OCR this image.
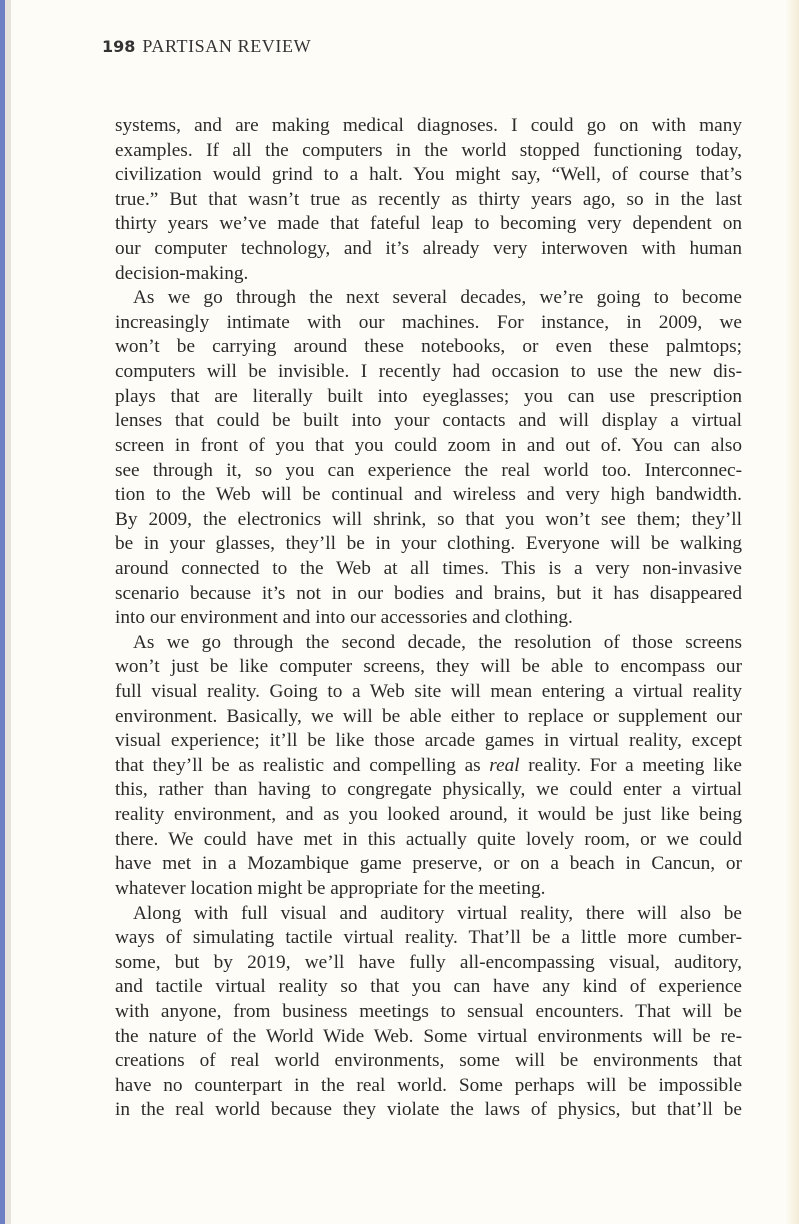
198 PARTISAN REVIEW
systems, and are making medical diagnoses. I could go on with many
examples. If all the computers in the world stopped functioning today,
civilization would grind to a halt. You might say, “Well, of course that’s
true.” But that wasn’t true as recently as thirty years ago, so in the last
thirty years we’ve made that fateful leap to becoming very dependent on
our computer technology, and it’s already very interwoven with human
decision-making.
As we go through the next several decades, we’re going to become
increasingly intimate with our machines. For instance, in 2009, we
won’t be carrying around these notebooks, or even these palmtops;
computers will be invisible. I recently had occasion to use the new dis-
plays that are literally built into eyeglasses; you can use prescription
lenses that could be built into your contacts and will display a virtual
screen in front of you that you could zoom in and out of. You can also
see through it, so you can experience the real world too. Interconnec-
tion to the Web will be continual and wireless and very high bandwidth.
By 2009, the electronics will shrink, so that you won’t see them; they’ll
be in your glasses, they’ll be in your clothing. Everyone will be walking
around connected to the Web at all times. This is a very non-invasive
scenario because it’s not in our bodies and brains, but it has disappeared
into our environment and into our accessories and clothing.
As we go through the second decade, the resolution of those screens
won’t just be like computer screens, they will be able to encompass our
full visual reality. Going to a Web site will mean entering a virtual reality
environment. Basically, we will be able either to replace or supplement our
visual experience; it’ll be like those arcade games in virtual reality, except
that they’ll be as realistic and compelling as real reality. For a meeting like
this, rather than having to congregate physically, we could enter a virtual
reality environment, and as you looked around, it would be just like being
there. We could have met in this actually quite lovely room, or we could
have met in a Mozambique game preserve, or on a beach in Cancun, or
whatever location might be appropriate for the meeting.
Along with full visual and auditory virtual reality, there will also be
ways of simulating tactile virtual reality. That’ll be a little more cumber-
some, but by 2019, we’ll have fully all-encompassing visual, auditory,
and tactile virtual reality so that you can have any kind of experience
with anyone, from business meetings to sensual encounters. That will be
the nature of the World Wide Web. Some virtual environments will be re-
creations of real world environments, some will be environments that
have no counterpart in the real world. Some perhaps will be impossible
in the real world because they violate the laws of physics, but that’ll be
